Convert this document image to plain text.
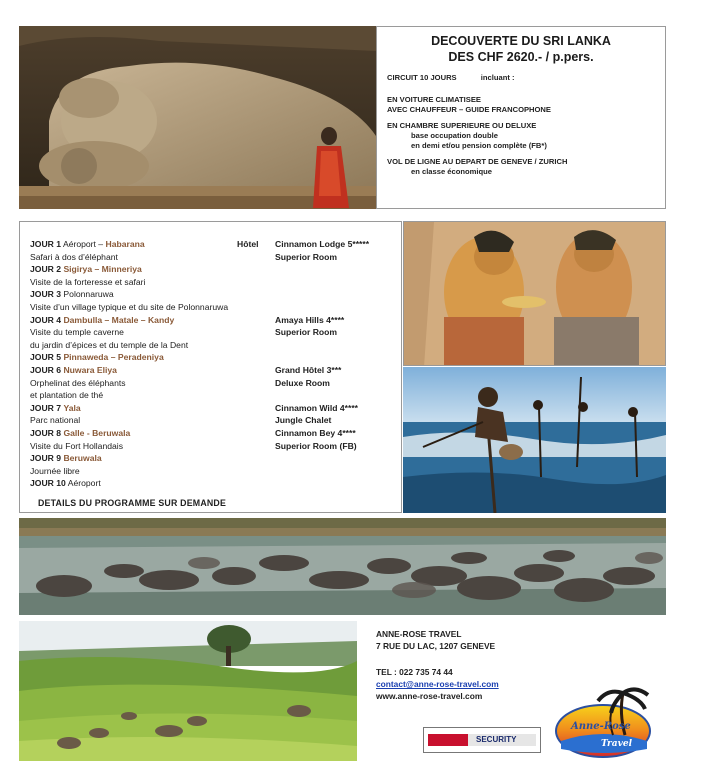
DECOUVERTE DU SRI LANKA
DES CHF 2620.- / p.pers.
CIRCUIT 10 JOURS	incluant :
EN VOITURE CLIMATISEE
AVEC CHAUFFEUR – GUIDE FRANCOPHONE
EN CHAMBRE SUPERIEURE OU DELUXE
base occupation double
en demi et/ou pension complète (FB*)
VOL DE LIGNE AU DEPART DE GENEVE / ZURICH
en classe économique
JOUR 1 Aéroport – Habarana	Hôtel Cinnamon Lodge 5*****
Safari à dos d’éléphant	Superior Room
JOUR 2 Sigirya – Minneriya
Visite de la forteresse et safari
JOUR 3 Polonnaruwa
Visite d’un village typique et du site de Polonnaruwa
JOUR 4 Dambulla – Matale – Kandy	Amaya Hills 4****
Visite du temple caverne	Superior Room
du jardin d’épices et du temple de la Dent
JOUR 5 Pinnaweda – Peradeniya
JOUR 6 Nuwara Eliya	Grand Hôtel 3***
Orphelinat des éléphants	Deluxe Room
et plantation de thé
JOUR 7 Yala	Cinnamon Wild 4****
Parc national	Jungle Chalet
JOUR 8 Galle - Beruwala	Cinnamon Bey 4****
Visite du Fort Hollandais	Superior Room (FB)
JOUR 9 Beruwala
Journée libre
JOUR 10 Aéroport
DETAILS DU PROGRAMME SUR DEMANDE
ANNE-ROSE TRAVEL
7 RUE DU LAC, 1207 GENEVE
TEL : 022 735 74 44
contact@anne-rose-travel.com
www.anne-rose-travel.com
SECURITY
Anne-Rose
Travel
